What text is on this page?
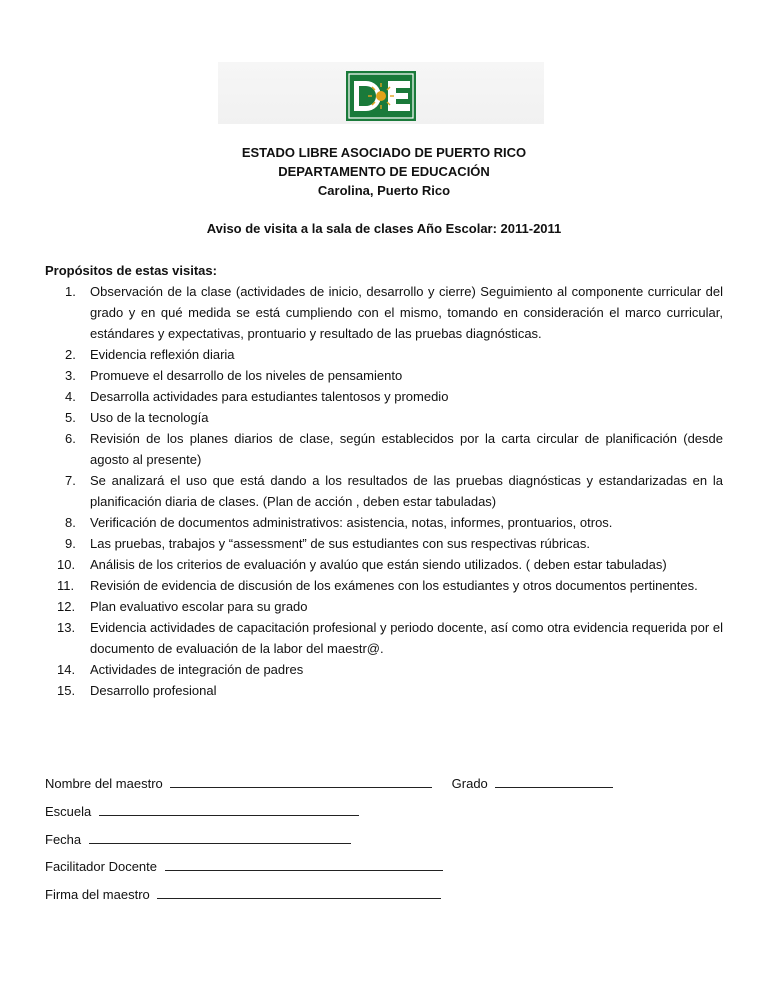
ESTADO LIBRE ASOCIADO DE PUERTO RICO
DEPARTAMENTO DE EDUCACIÓN
Carolina, Puerto Rico
Aviso de visita a la sala de clases Año Escolar: 2011-2011
Propósitos de estas visitas:
1.	Observación de la clase (actividades de inicio, desarrollo y cierre) Seguimiento al componente curricular del grado y en qué medida se está cumpliendo con el mismo, tomando en consideración el marco curricular, estándares y expectativas, prontuario y resultado de las pruebas diagnósticas.
2.	Evidencia reflexión diaria
3.	Promueve el desarrollo de los niveles de pensamiento
4.	Desarrolla actividades para estudiantes talentosos y promedio
5.	Uso de la tecnología
6.	Revisión de los planes diarios de clase, según establecidos por la carta circular de planificación (desde agosto al presente)
7.	Se analizará el uso que está dando a los resultados de las pruebas diagnósticas y estandarizadas en la planificación diaria de clases. (Plan de acción , deben estar tabuladas)
8.	Verificación de documentos administrativos: asistencia, notas, informes, prontuarios, otros.
9.	Las pruebas, trabajos y “assessment” de sus estudiantes con sus respectivas rúbricas.
10.	Análisis de los criterios de evaluación y avalúo que están siendo utilizados. ( deben estar tabuladas)
11.	Revisión de evidencia de discusión de los exámenes con los estudiantes y otros documentos pertinentes.
12.	Plan evaluativo escolar para su grado
13.	Evidencia actividades de capacitación profesional y periodo docente, así como otra evidencia requerida por el documento de evaluación de la labor del maestr@.
14.	Actividades de integración de padres
15.	Desarrollo profesional
Nombre del maestro	Grado
Escuela
Fecha
Facilitador Docente
Firma del maestro
